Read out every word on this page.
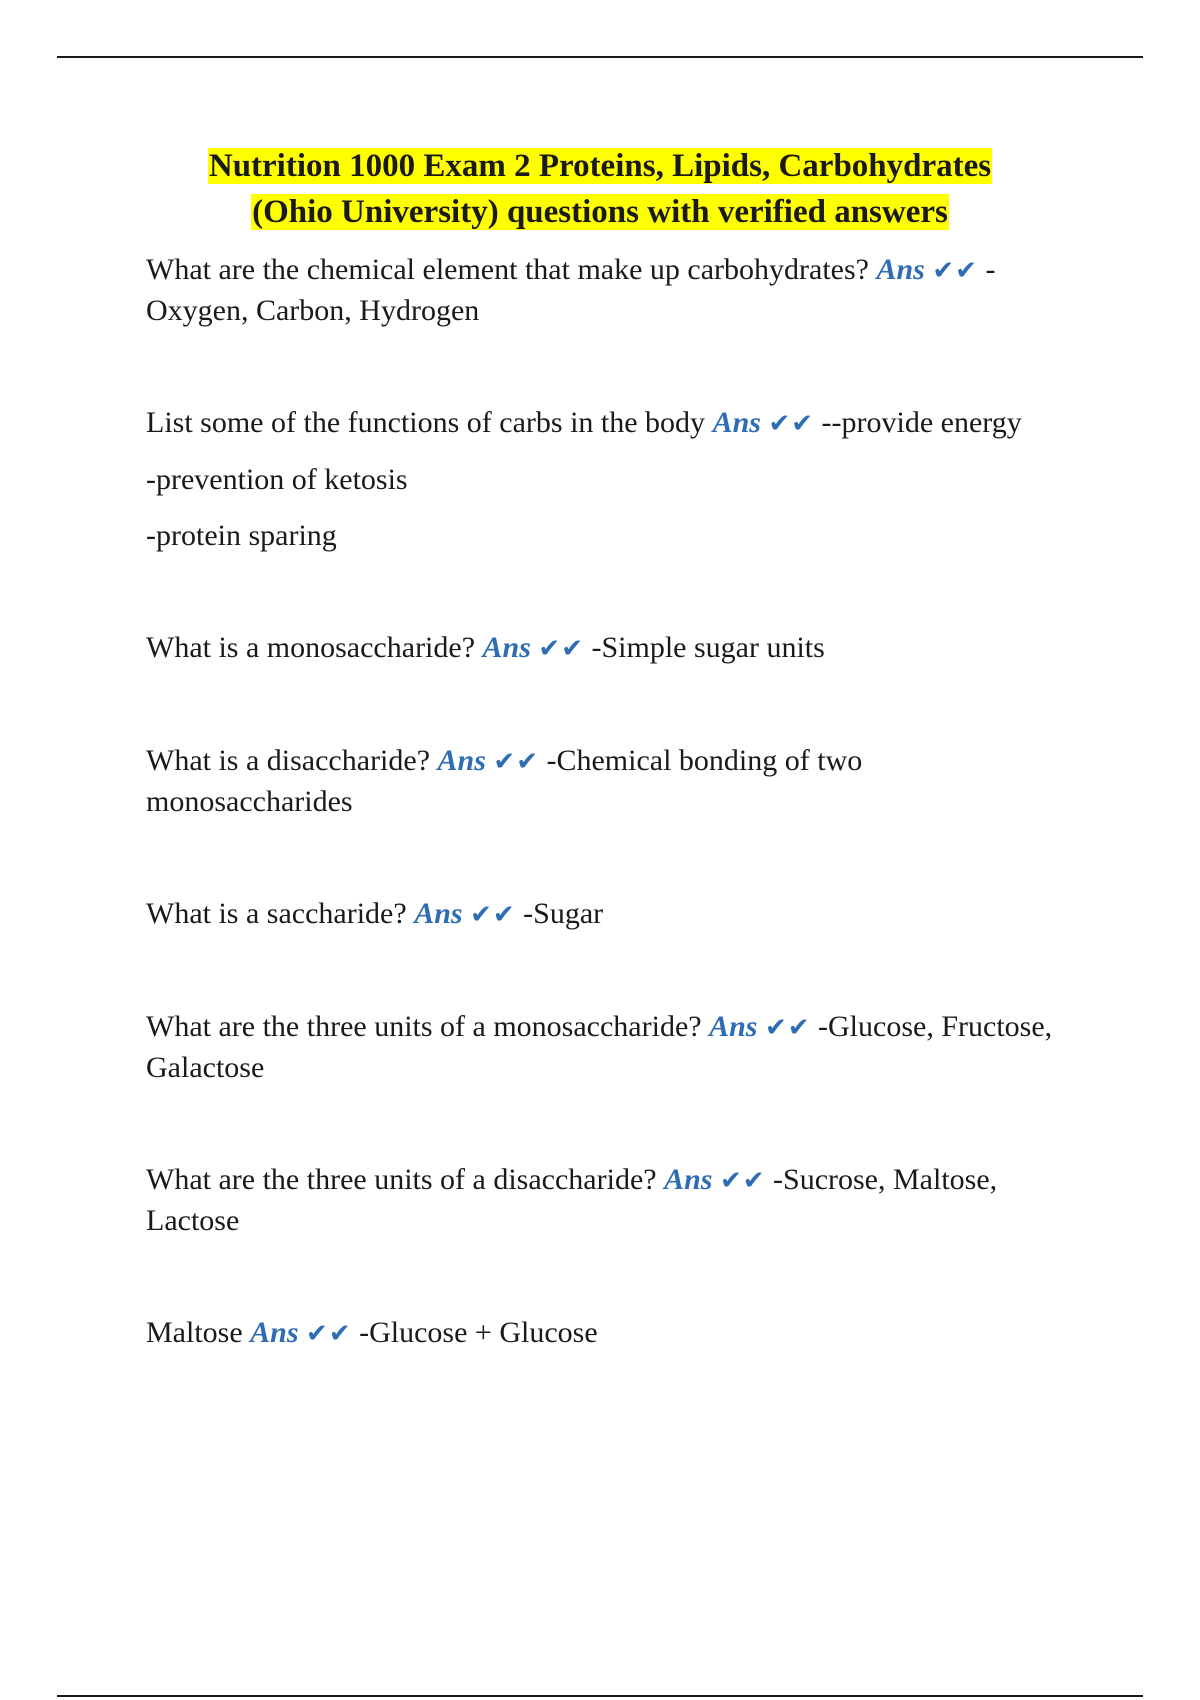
Nutrition 1000 Exam 2 Proteins, Lipids, Carbohydrates
(Ohio University) questions with verified answers

What are the chemical element that make up carbohydrates? Ans ✔✔ -Oxygen, Carbon, Hydrogen

List some of the functions of carbs in the body Ans ✔✔ --provide energy

-prevention of ketosis

-protein sparing

What is a monosaccharide? Ans ✔✔ -Simple sugar units

What is a disaccharide? Ans ✔✔ -Chemical bonding of two monosaccharides

What is a saccharide? Ans ✔✔ -Sugar

What are the three units of a monosaccharide? Ans ✔✔ -Glucose, Fructose, Galactose

What are the three units of a disaccharide? Ans ✔✔ -Sucrose, Maltose, Lactose

Maltose Ans ✔✔ -Glucose + Glucose
